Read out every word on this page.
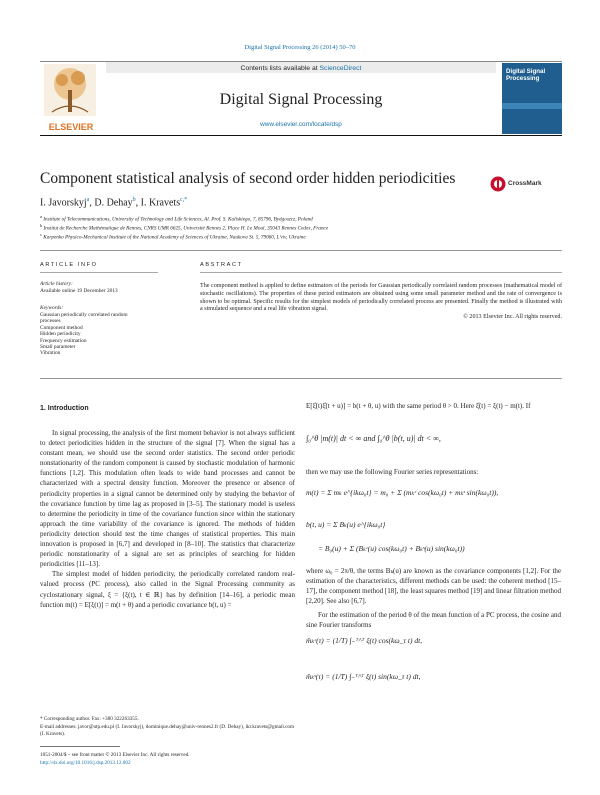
Digital Signal Processing 26 (2014) 50–70
ELSEVIER
Contents lists available at ScienceDirect
Digital Signal Processing
www.elsevier.com/locate/dsp
Digital Signal Processing
Component statistical analysis of second order hidden periodicities	CrossMark
I. Javorskyj$^a$, D. Dehay$^b$, I. Kravets$^{c,*}$
$^a$ Institute of Telecommunications, University of Technology and Life Sciences, Al. Prof. S. Kaliskiego, 7, 85796, Bydgoszcz, Poland
$^b$ Institut de Recherche Mathématique de Rennes, CNRS UMR 6625, Université Rennes 2, Place H. Le Moal, 35043 Rennes Cedex, France
$^c$ Karpenko Physico-Mechanical Institute of the National Academy of Sciences of Ukraine, Naukova St. 5, 79060, L'viv, Ukraine
ARTICLE INFO	ABSTRACT
Article history:
Available online 19 December 2013
Keywords:
Gaussian periodically correlated random
processes
Component method
Hidden periodicity
Frequency estimation
Small parameter
Vibration
The component method is applied to define estimators of the periods for Gaussian periodically correlated random processes (mathematical model of stochastic oscillations). The properties of these period estimators are obtained using some small parameter method and the rate of convergence is shown to be optimal. Specific results for the simplest models of periodically correlated process are presented. Finally the method is illustrated with a simulated sequence and a real life vibration signal.
© 2013 Elsevier Inc. All rights reserved.
1. Introduction

In signal processing, the analysis of the first moment behavior is not always sufficient to detect periodicities hidden in the structure of the signal [7]. When the signal has a constant mean, we should use the second order statistics. The second order periodic nonstationarity of the random component is caused by stochastic modulation of harmonic functions [1,2]. This modulation often leads to wide band processes and cannot be characterized with a spectral density function. Moreover the presence or absence of periodicity properties in a signal cannot be determined only by studying the behavior of the covariance function by time lag as proposed in [3–5]. The stationary model is useless to determine the periodicity in time of the covariance function since within the stationary approach the time variability of the covariance is ignored. The methods of hidden periodicity detection should test the time changes of statistical properties. This main innovation is proposed in [6,7] and developed in [8–10]. The statistics that characterize periodic nonstationarity of a signal are set as principles of searching for hidden periodicities [11–13].

The simplest model of hidden periodicity, the periodically correlated random real-valued process (PC process), also called in the Signal Processing community as cyclostationary signal, ξ = {ξ(t), t ∈ ℝ} has by definition [14–16], a periodic mean function m(t) = E[ξ(t)] = m(t + θ) and a periodic covariance b(t, u) =

E[ξ̊(t)ξ̊(t + u)] = b(t + θ, u) with the same period θ > 0. Here ξ̊(t) = ξ(t) − m(t). If
∫₀^θ |m(t)| dt < ∞ and ∫₀^θ |b(t, u)| dt < ∞,
then we may use the following Fourier series representations:
m(t) = Σ mₖ e^{ikω₀t} = m₀ + Σ (mₖᶜ cos(kω₀t) + mₖˢ sin(kω₀t)),
b(t, u) = Σ Bₖ(u) e^{ikω₀t}
= B₀(u) + Σ (Bₖᶜ(u) cos(kω₀t) + Bₖˢ(u) sin(kω₀t))
where ω₀ = 2π/θ, the terms Bₖ(u) are known as the covariance components [1,2]. For the estimation of the characteristics, different methods can be used: the coherent method [15–17], the component method [18], the least squares method [19] and linear filtration method [2,20]. See also [6,7].
For the estimation of the period θ of the mean function of a PC process, the cosine and sine Fourier transforms
m̂ₖᶜ(τ) = (1/T) ∫₋ᵀ^ᵀ ξ(t) cos(kω_τ t) dt,
m̂ₖˢ(τ) = (1/T) ∫₋ᵀ^ᵀ ξ(t) sin(kω_τ t) dt,
* Corresponding author. Fax: +380 322263355.
E-mail addresses: javor@utp.edu.pl (I. Javorskyj), dominique.dehay@univ-rennes2.fr (D. Dehay), ikr.kravets@gmail.com (I. Kravets).
1051-2004/$ – see front matter © 2013 Elsevier Inc. All rights reserved.
http://dx.doi.org/10.1016/j.dsp.2013.12.002
